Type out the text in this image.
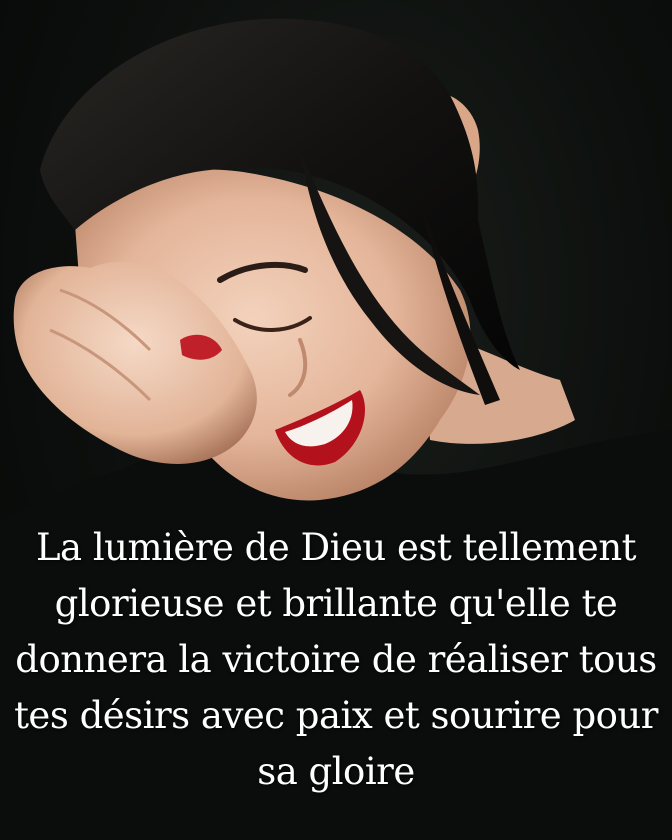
La lumière de Dieu est tellement
glorieuse et brillante qu'elle te
donnera la victoire de réaliser tous
tes désirs avec paix et sourire pour
sa gloire
